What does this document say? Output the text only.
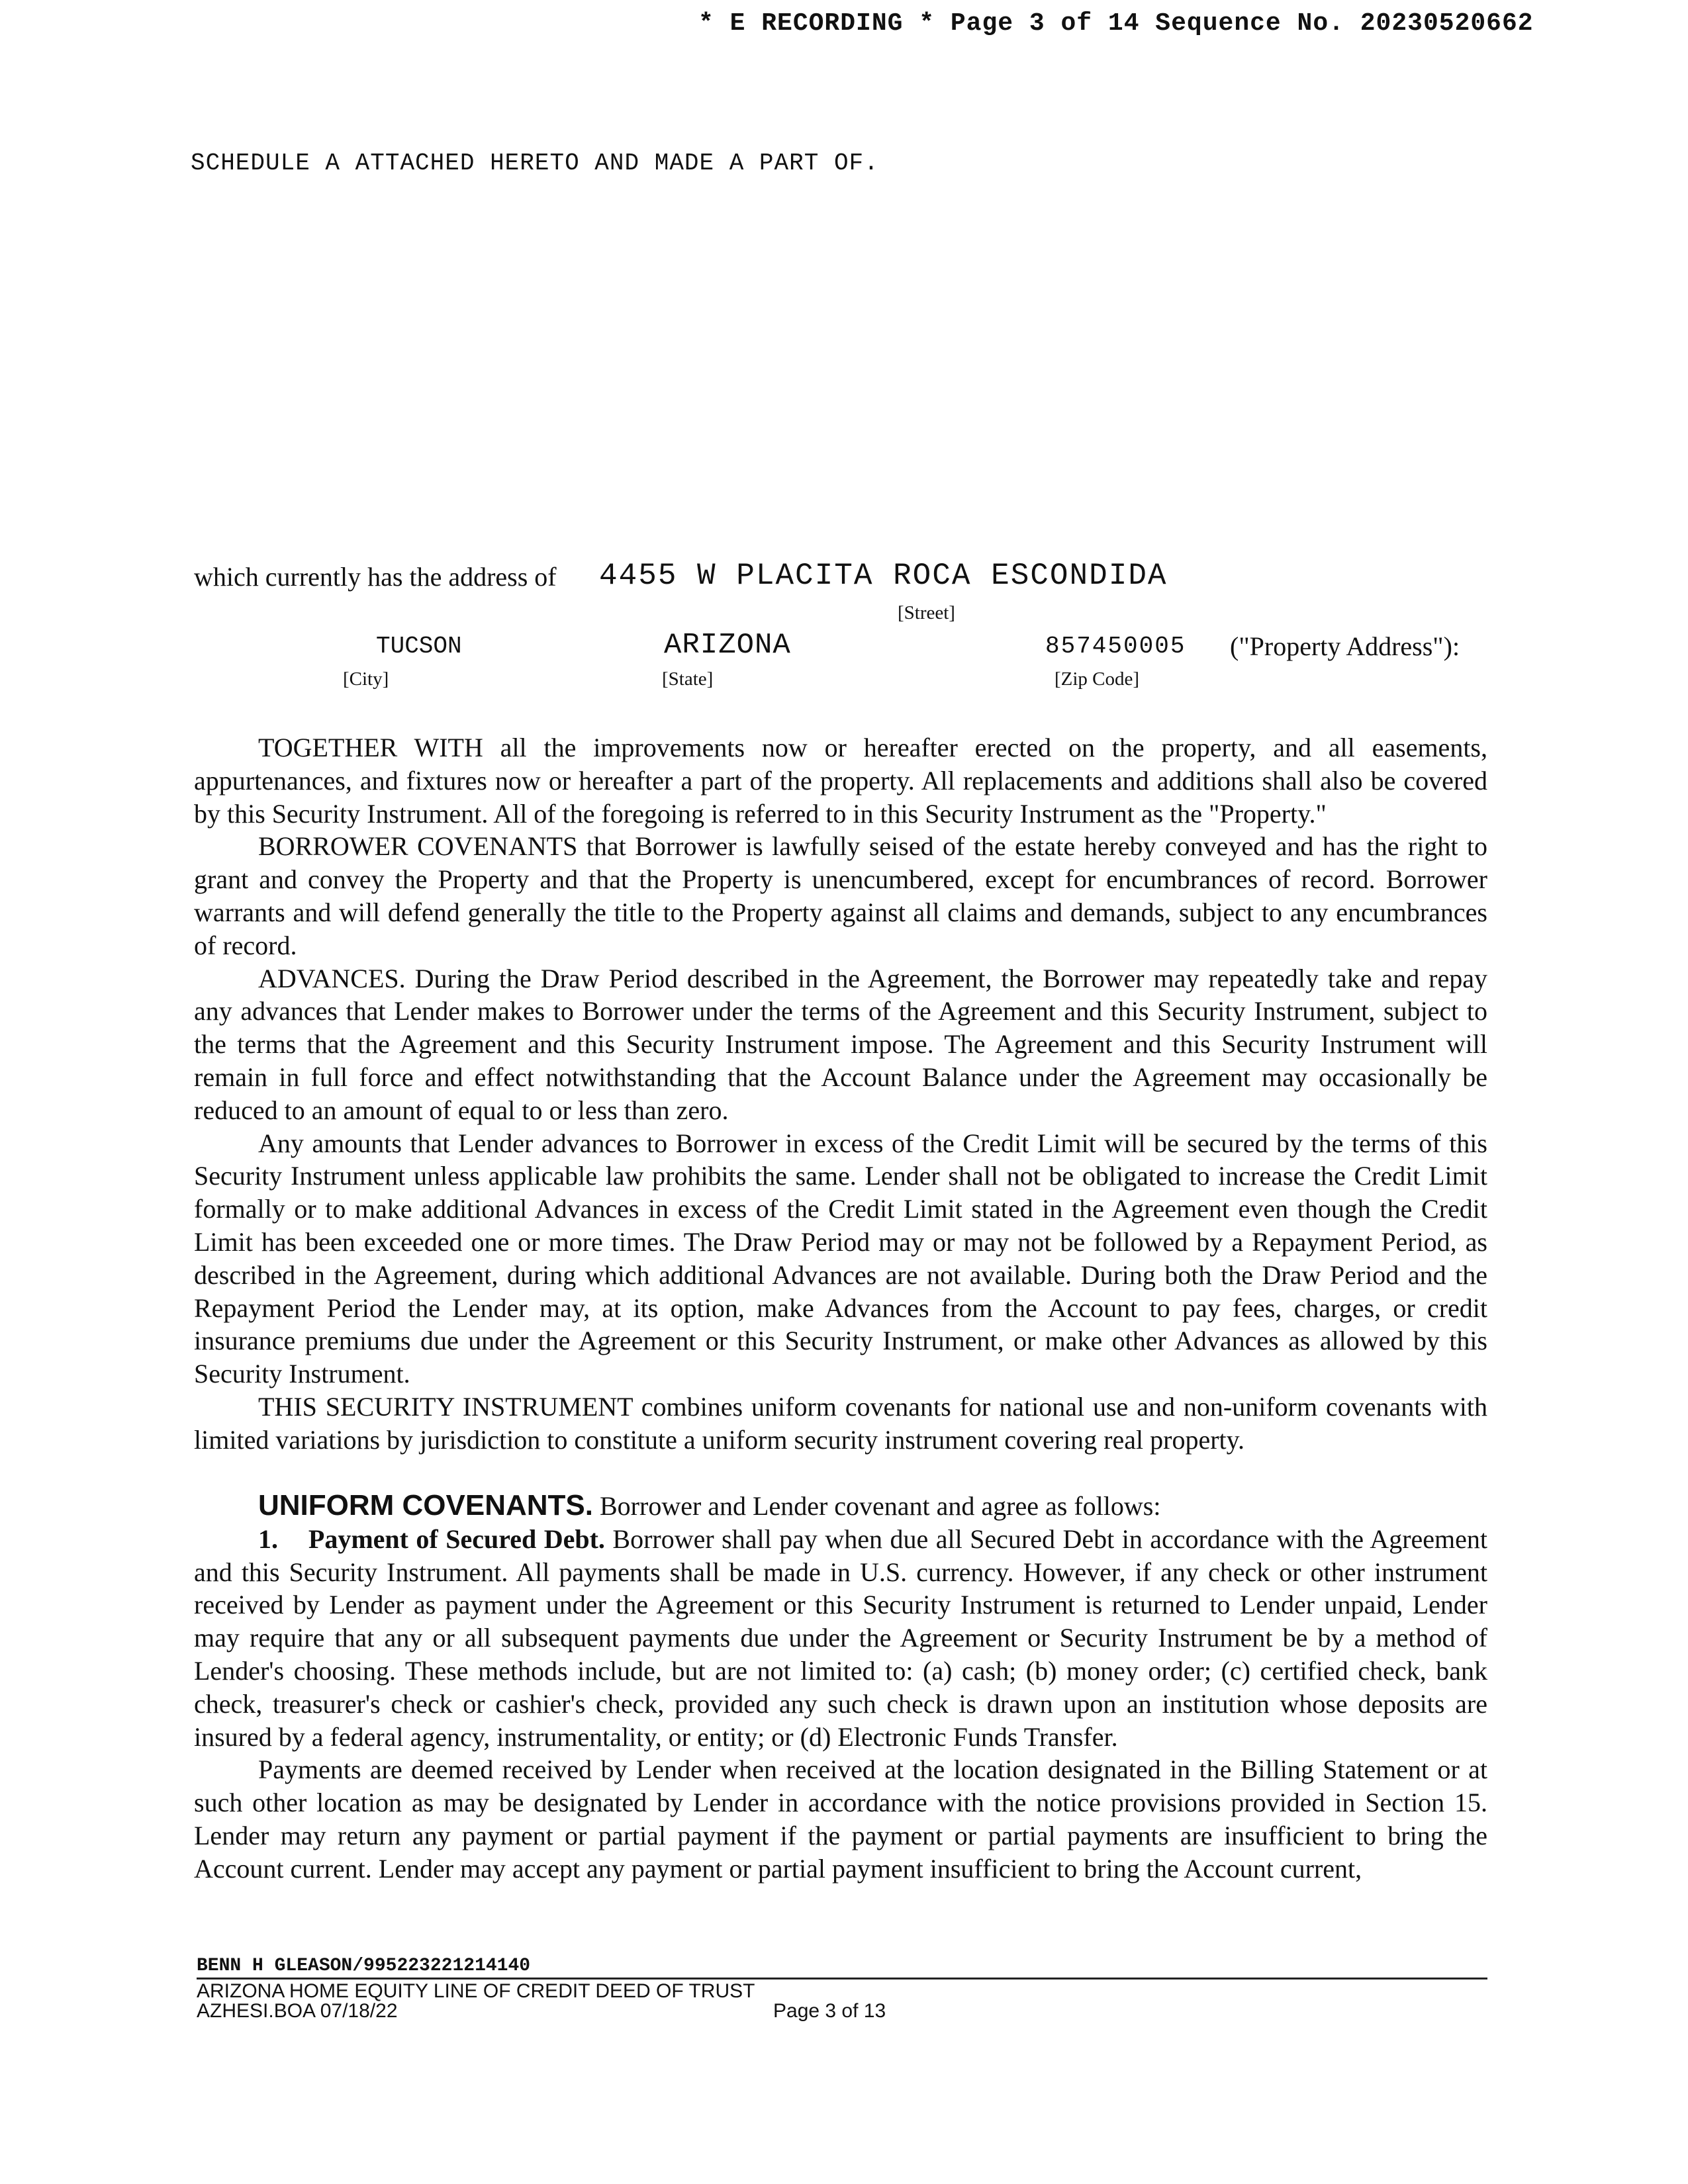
* E RECORDING * Page 3 of 14 Sequence No. 20230520662
SCHEDULE A ATTACHED HERETO AND MADE A PART OF.
which currently has the address of 4455 W PLACITA ROCA ESCONDIDA
[Street]
TUCSON	ARIZONA	857450005 ("Property Address"):
[City]	[State]	[Zip Code]

TOGETHER WITH all the improvements now or hereafter erected on the property, and all easements, appurtenances, and fixtures now or hereafter a part of the property. All replacements and additions shall also be covered by this Security Instrument. All of the foregoing is referred to in this Security Instrument as the "Property."

BORROWER COVENANTS that Borrower is lawfully seised of the estate hereby conveyed and has the right to grant and convey the Property and that the Property is unencumbered, except for encumbrances of record. Borrower warrants and will defend generally the title to the Property against all claims and demands, subject to any encumbrances of record.

ADVANCES. During the Draw Period described in the Agreement, the Borrower may repeatedly take and repay any advances that Lender makes to Borrower under the terms of the Agreement and this Security Instrument, subject to the terms that the Agreement and this Security Instrument impose. The Agreement and this Security Instrument will remain in full force and effect notwithstanding that the Account Balance under the Agreement may occasionally be reduced to an amount of equal to or less than zero.

Any amounts that Lender advances to Borrower in excess of the Credit Limit will be secured by the terms of this Security Instrument unless applicable law prohibits the same. Lender shall not be obligated to increase the Credit Limit formally or to make additional Advances in excess of the Credit Limit stated in the Agreement even though the Credit Limit has been exceeded one or more times. The Draw Period may or may not be followed by a Repayment Period, as described in the Agreement, during which additional Advances are not available. During both the Draw Period and the Repayment Period the Lender may, at its option, make Advances from the Account to pay fees, charges, or credit insurance premiums due under the Agreement or this Security Instrument, or make other Advances as allowed by this Security Instrument.

THIS SECURITY INSTRUMENT combines uniform covenants for national use and non-uniform covenants with limited variations by jurisdiction to constitute a uniform security instrument covering real property.

UNIFORM COVENANTS. Borrower and Lender covenant and agree as follows:

1. Payment of Secured Debt. Borrower shall pay when due all Secured Debt in accordance with the Agreement and this Security Instrument. All payments shall be made in U.S. currency. However, if any check or other instrument received by Lender as payment under the Agreement or this Security Instrument is returned to Lender unpaid, Lender may require that any or all subsequent payments due under the Agreement or Security Instrument be by a method of Lender's choosing. These methods include, but are not limited to: (a) cash; (b) money order; (c) certified check, bank check, treasurer's check or cashier's check, provided any such check is drawn upon an institution whose deposits are insured by a federal agency, instrumentality, or entity; or (d) Electronic Funds Transfer.

Payments are deemed received by Lender when received at the location designated in the Billing Statement or at such other location as may be designated by Lender in accordance with the notice provisions provided in Section 15. Lender may return any payment or partial payment if the payment or partial payments are insufficient to bring the Account current. Lender may accept any payment or partial payment insufficient to bring the Account current,

BENN H GLEASON/995223221214140
ARIZONA HOME EQUITY LINE OF CREDIT DEED OF TRUST
AZHESI.BOA 07/18/22	Page 3 of 13
